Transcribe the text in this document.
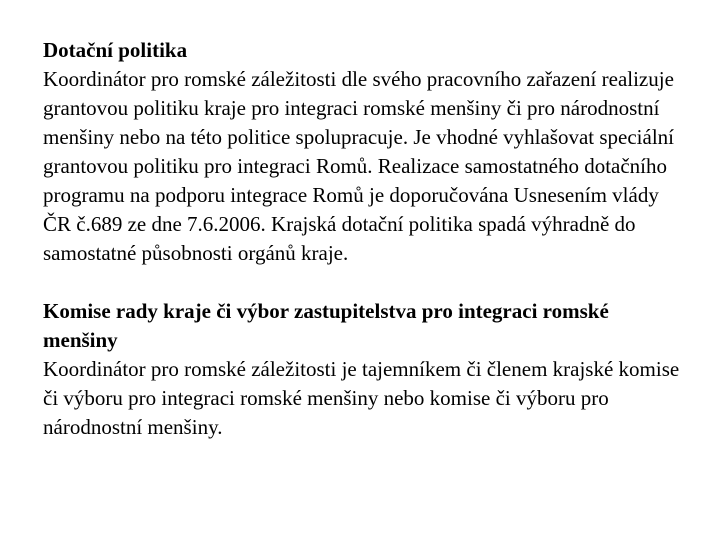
Dotační politika

Koordinátor pro romské záležitosti dle svého pracovního zařazení realizuje grantovou politiku kraje pro integraci romské menšiny či pro národnostní menšiny nebo na této politice spolupracuje. Je vhodné vyhlašovat speciální grantovou politiku pro integraci Romů. Realizace samostatného dotačního programu na podporu integrace Romů je doporučována Usnesením vlády ČR č.689 ze dne 7.6.2006. Krajská dotační politika spadá výhradně do samostatné působnosti orgánů kraje.

Komise rady kraje či výbor zastupitelstva pro integraci romské menšiny

Koordinátor pro romské záležitosti je tajemníkem či členem krajské komise či výboru pro integraci romské menšiny nebo komise či výboru pro národnostní menšiny.
